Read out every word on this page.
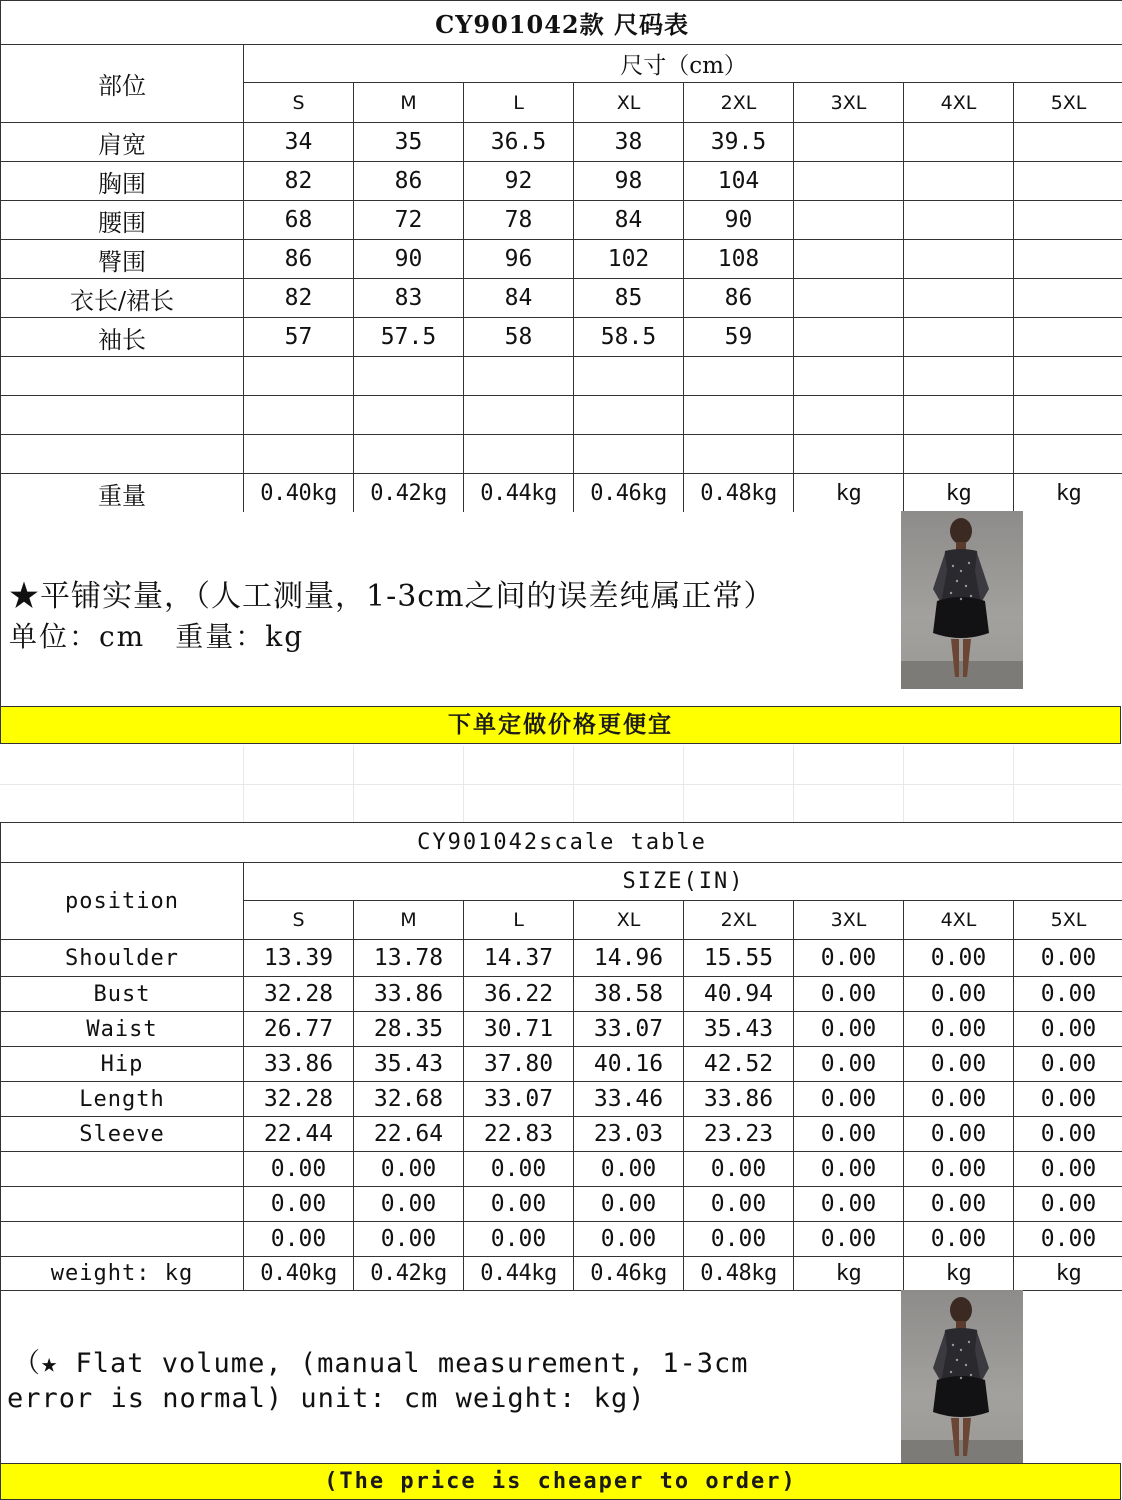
CY901042款 尺码表								
部位	尺寸（cm）							
	S	M	L	XL	2XL	3XL	4XL	5XL
肩宽	34	35	36.5	38	39.5			
胸围	82	86	92	98	104			
腰围	68	72	78	84	90			
臀围	86	90	96	102	108			
衣长/裙长	82	83	84	85	86			
袖长	57	57.5	58	58.5	59			

重量	0.40kg	0.42kg	0.44kg	0.46kg	0.48kg	kg	kg	kg
★平铺实量，（人工测量，1-3cm之间的误差纯属正常）
单位：cm　重量：kg
下单定做价格更便宜
CY901042scale table								
position	SIZE(IN)							
	S	M	L	XL	2XL	3XL	4XL	5XL
Shoulder	13.39	13.78	14.37	14.96	15.55	0.00	0.00	0.00
Bust	32.28	33.86	36.22	38.58	40.94	0.00	0.00	0.00
Waist	26.77	28.35	30.71	33.07	35.43	0.00	0.00	0.00
Hip	33.86	35.43	37.80	40.16	42.52	0.00	0.00	0.00
Length	32.28	32.68	33.07	33.46	33.86	0.00	0.00	0.00
Sleeve	22.44	22.64	22.83	23.03	23.23	0.00	0.00	0.00
	0.00	0.00	0.00	0.00	0.00	0.00	0.00	0.00
	0.00	0.00	0.00	0.00	0.00	0.00	0.00	0.00
	0.00	0.00	0.00	0.00	0.00	0.00	0.00	0.00
weight: kg	0.40kg	0.42kg	0.44kg	0.46kg	0.48kg	kg	kg	kg
（★ Flat volume, (manual measurement, 1-3cm
error is normal) unit: cm weight: kg)
(The price is cheaper to order)
